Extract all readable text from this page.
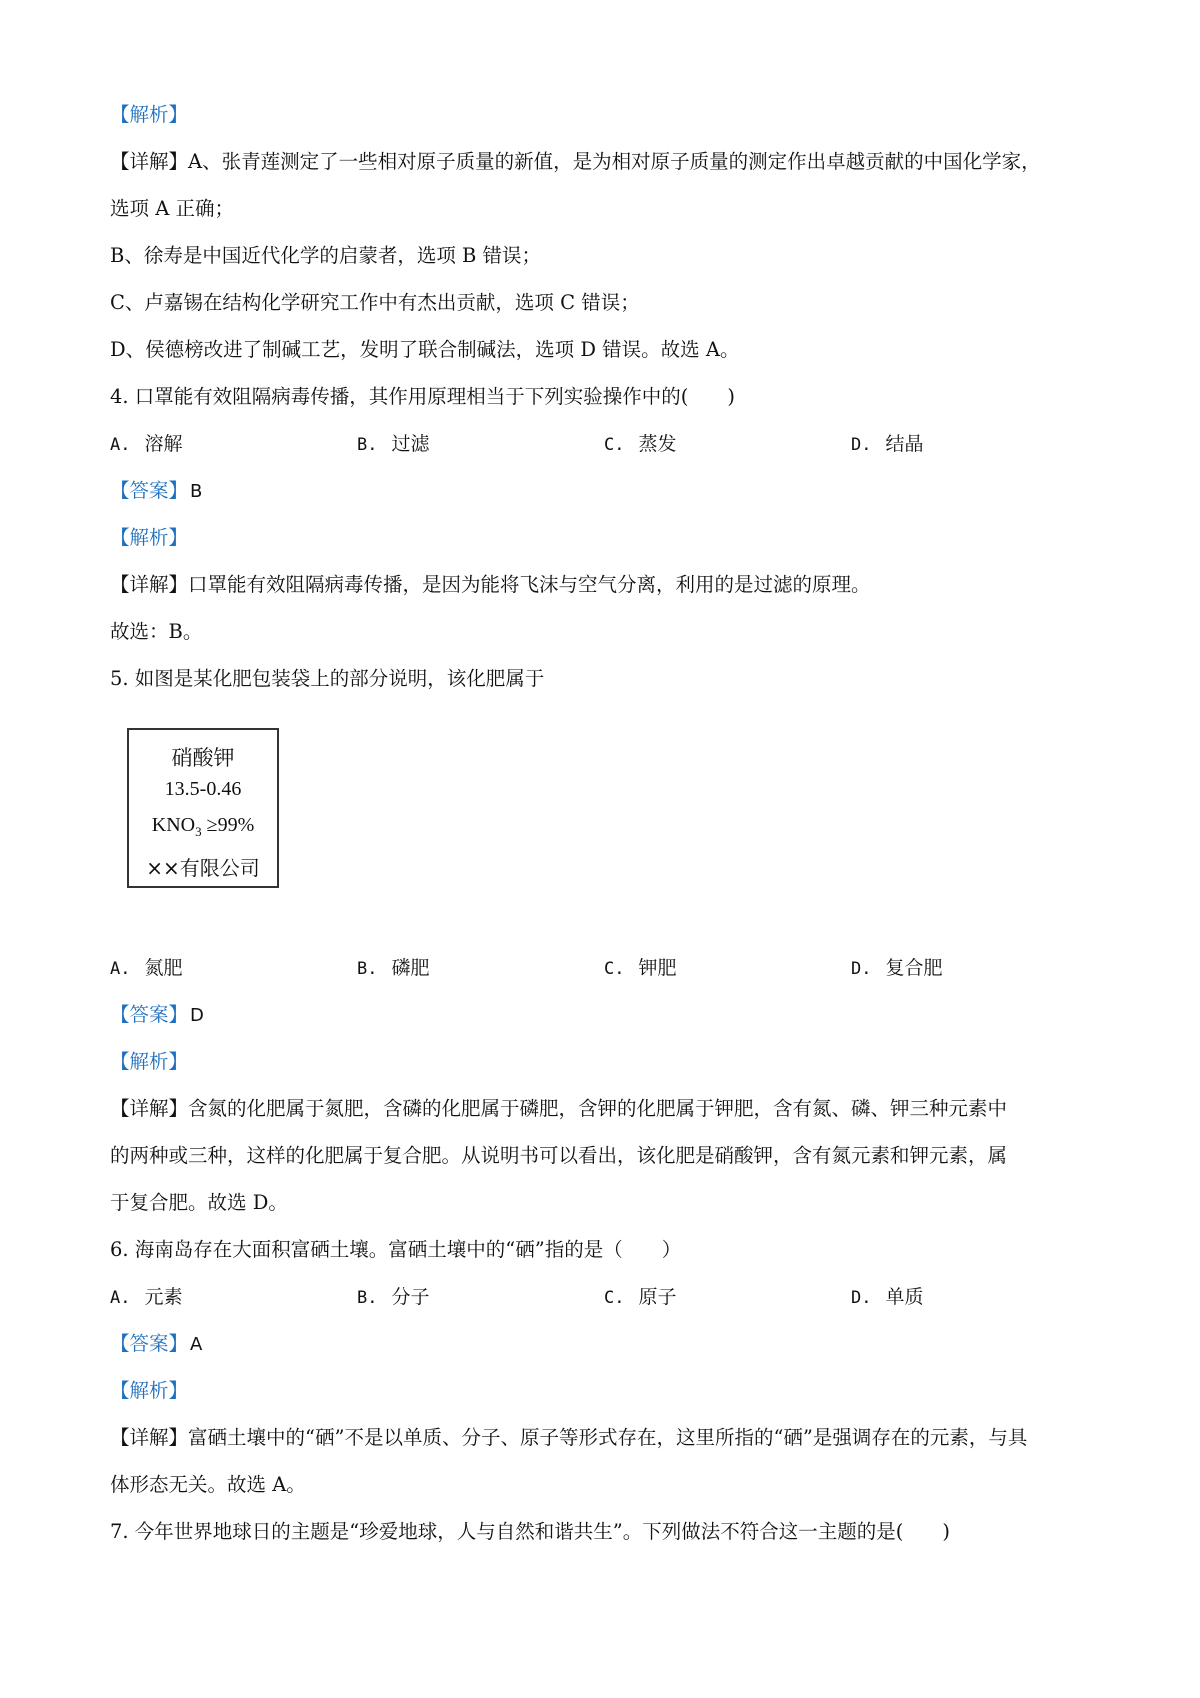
【解析】
【详解】A、张青莲测定了一些相对原子质量的新值，是为相对原子质量的测定作出卓越贡献的中国化学家，
选项 A 正确；
B、徐寿是中国近代化学的启蒙者，选项 B 错误；
C、卢嘉锡在结构化学研究工作中有杰出贡献，选项 C 错误；
D、侯德榜改进了制碱工艺，发明了联合制碱法，选项 D 错误。故选 A。
4. 口罩能有效阻隔病毒传播，其作用原理相当于下列实验操作中的(　　)
A. 溶解	B. 过滤	C. 蒸发	D. 结晶
【答案】 B
【解析】
【详解】口罩能有效阻隔病毒传播，是因为能将飞沫与空气分离，利用的是过滤的原理。
故选：B。
5. 如图是某化肥包装袋上的部分说明，该化肥属于
硝酸钾
13.5-0.46
$KNO_3 \ge 99\%$
××有限公司
A. 氮肥	B. 磷肥	C. 钾肥	D. 复合肥
【答案】 D
【解析】
【详解】含氮的化肥属于氮肥，含磷的化肥属于磷肥，含钾的化肥属于钾肥，含有氮、磷、钾三种元素中
的两种或三种，这样的化肥属于复合肥。从说明书可以看出，该化肥是硝酸钾，含有氮元素和钾元素，属
于复合肥。故选 D。
6. 海南岛存在大面积富硒土壤。富硒土壤中的“硒”指的是（　　）
A. 元素	B. 分子	C. 原子	D. 单质
【答案】 A
【解析】
【详解】富硒土壤中的“硒”不是以单质、分子、原子等形式存在，这里所指的“硒”是强调存在的元素，与具
体形态无关。故选 A。
7. 今年世界地球日的主题是“珍爱地球，人与自然和谐共生”。下列做法不符合这一主题的是(　　)
